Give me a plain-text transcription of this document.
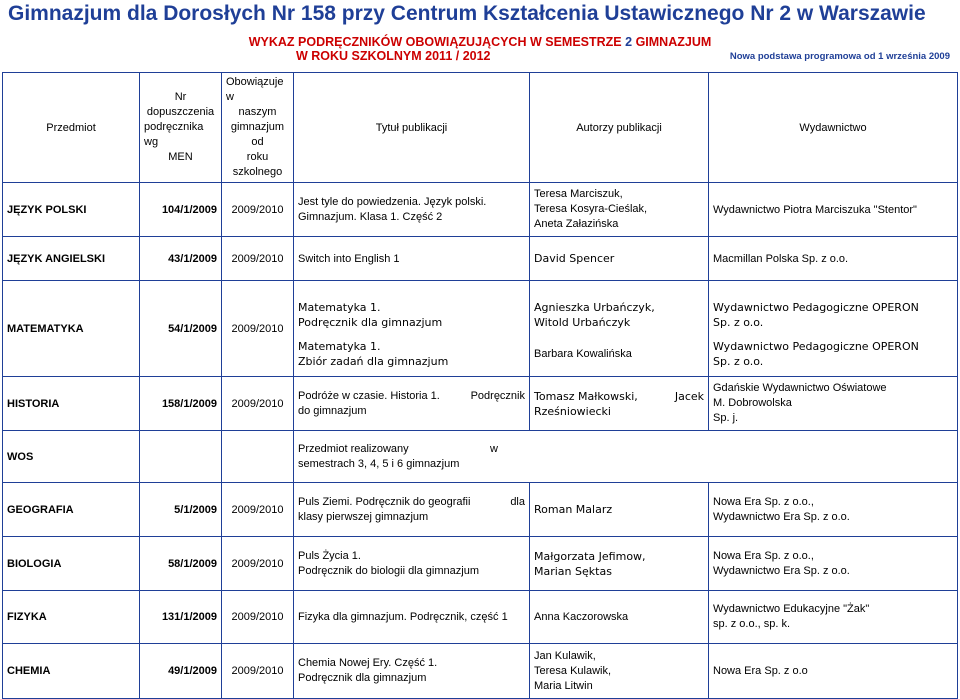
Gimnazjum dla Dorosłych Nr 158 przy Centrum Kształcenia Ustawicznego Nr 2 w Warszawie
WYKAZ PODRĘCZNIKÓW OBOWIĄZUJĄCYCH W SEMESTRZE 2 GIMNAZJUM
W ROKU SZKOLNYM 2011 / 2012	Nowa podstawa programowa od 1 września 2009
Przedmiot	Nr dopuszczenia
podręcznika wg
MEN	Obowiązuje w
naszym
gimnazjum od
roku szkolnego	Tytuł publikacji	Autorzy publikacji	Wydawnictwo
JĘZYK POLSKI	104/1/2009	2009/2010	Jest tyle do powiedzenia. Język polski.
Gimnazjum. Klasa 1. Część 2	Teresa Marciszuk,
Teresa Kosyra-Cieślak,
Aneta Załazińska	Wydawnictwo Piotra Marciszuka "Stentor"
JĘZYK ANGIELSKI	43/1/2009	2009/2010	Switch into English 1	David Spencer	Macmillan Polska Sp. z o.o.
MATEMATYKA	54/1/2009	2009/2010	Matematyka 1.
Podręcznik dla gimnazjum	Agnieszka Urbańczyk,
Witold Urbańczyk	Wydawnictwo Pedagogiczne OPERON
Sp. z o.o.

			Matematyka 1.
Zbiór zadań dla gimnazjum	Barbara Kowalińska	Wydawnictwo Pedagogiczne OPERON
Sp. z o.o.

HISTORIA	158/1/2009	2009/2010	Podróże w czasie. Historia 1. Podręcznik
do gimnazjum	Tomasz Małkowski, Jacek
Rześniowiecki	Gdańskie Wydawnictwo Oświatowe
M. Dobrowolska
Sp. j.

WOS			Przedmiot realizowany w
semestrach 3, 4, 5 i 6 gimnazjum		

GEOGRAFIA	5/1/2009	2009/2010	Puls Ziemi. Podręcznik do geografii dla
klasy pierwszej gimnazjum	Roman Malarz	Nowa Era Sp. z o.o.,
Wydawnictwo Era Sp. z o.o.

BIOLOGIA	58/1/2009	2009/2010	Puls Życia 1.
Podręcznik do biologii dla gimnazjum	Małgorzata Jefimow,
Marian Sęktas	Nowa Era Sp. z o.o.,
Wydawnictwo Era Sp. z o.o.

FIZYKA	131/1/2009	2009/2010	Fizyka dla gimnazjum. Podręcznik, część 1	Anna Kaczorowska	Wydawnictwo Edukacyjne "Żak"
sp. z o.o., sp. k.

CHEMIA	49/1/2009	2009/2010	Chemia Nowej Ery. Część 1.
Podręcznik dla gimnazjum	Jan Kulawik,
Teresa Kulawik,
Maria Litwin	Nowa Era Sp. z o.o
